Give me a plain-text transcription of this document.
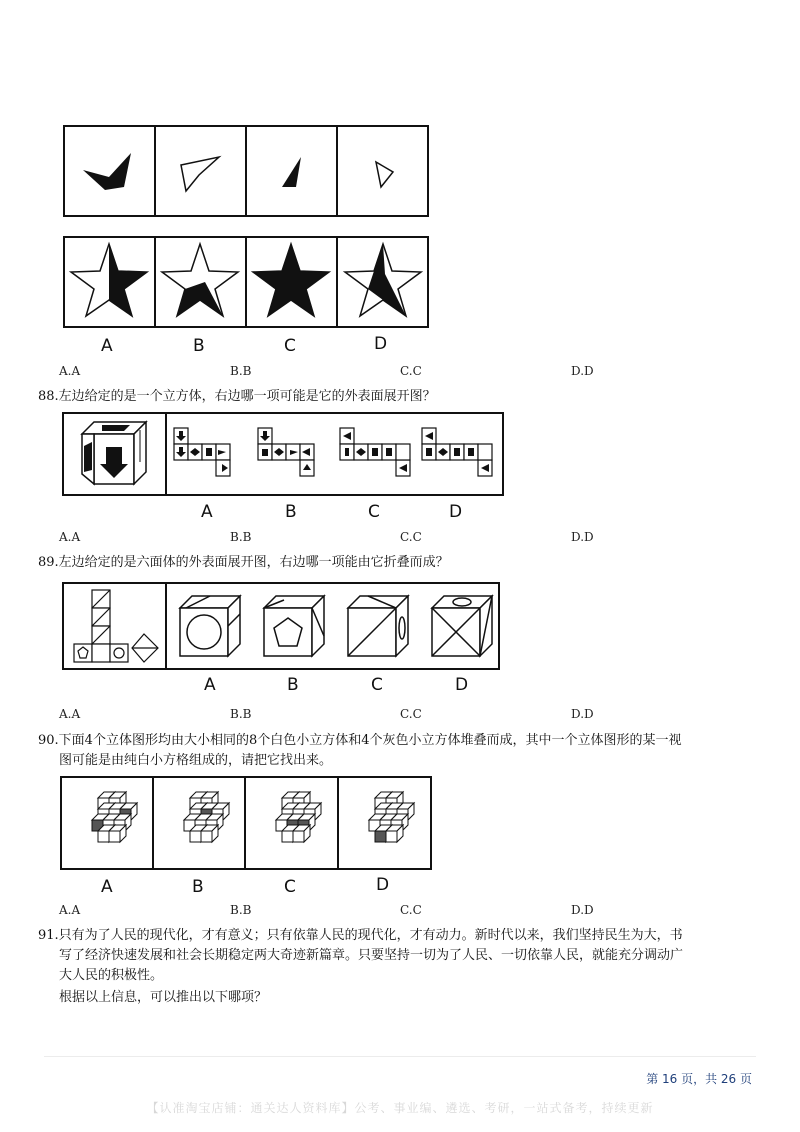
A	B	C	D
A.A	B.B	C.C	D.D
88.左边给定的是一个立方体，右边哪一项可能是它的外表面展开图？
A	B	C	D
A.A	B.B	C.C	D.D
89.左边给定的是六面体的外表面展开图，右边哪一项能由它折叠而成？
A	B	C	D
A.A	B.B	C.C	D.D
90.下面4个立体图形均由大小相同的8个白色小立方体和4个灰色小立方体堆叠而成，其中一个立体图形的某一视
图可能是由纯白小方格组成的，请把它找出来。
A	B	C	D
A.A	B.B	C.C	D.D
91.只有为了人民的现代化，才有意义；只有依靠人民的现代化，才有动力。新时代以来，我们坚持民生为大，书
写了经济快速发展和社会长期稳定两大奇迹新篇章。只要坚持一切为了人民、一切依靠人民，就能充分调动广
大人民的积极性。
根据以上信息，可以推出以下哪项？
第 16 页，共 26 页
【认准淘宝店铺：通关达人资料库】公考、事业编、遴选、考研，一站式备考，持续更新
